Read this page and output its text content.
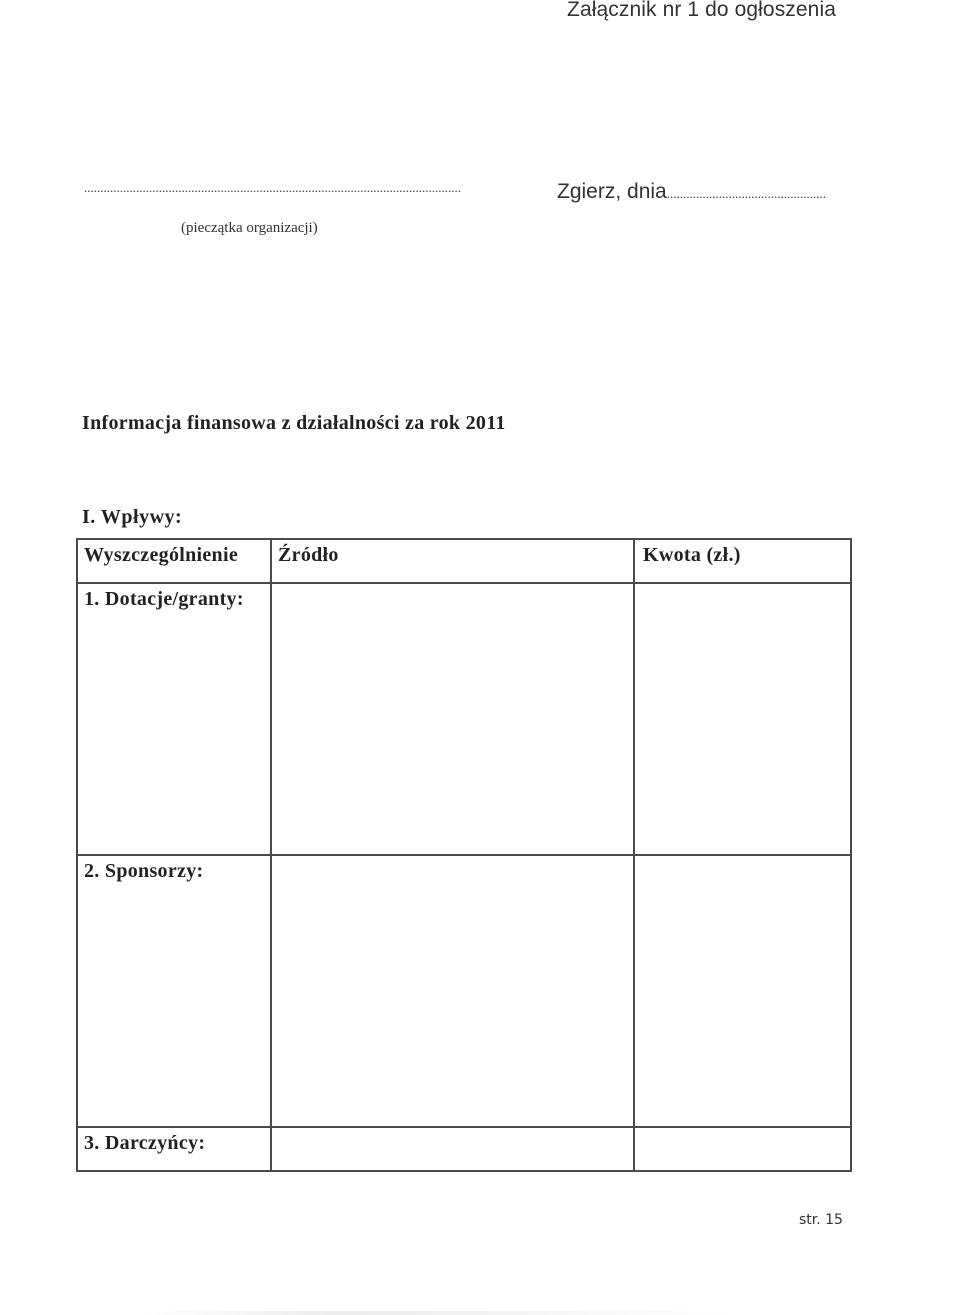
Załącznik nr 1 do ogłoszenia
....................................................................................................................
(pieczątka organizacji)
Zgierz, dnia.................................................
Informacja finansowa z działalności za rok 2011
I. Wpływy:
Wyszczególnienie	Źródło	Kwota (zł.)
1. Dotacje/granty:		
2. Sponsorzy:		
3. Darczyńcy:		
str. 15
